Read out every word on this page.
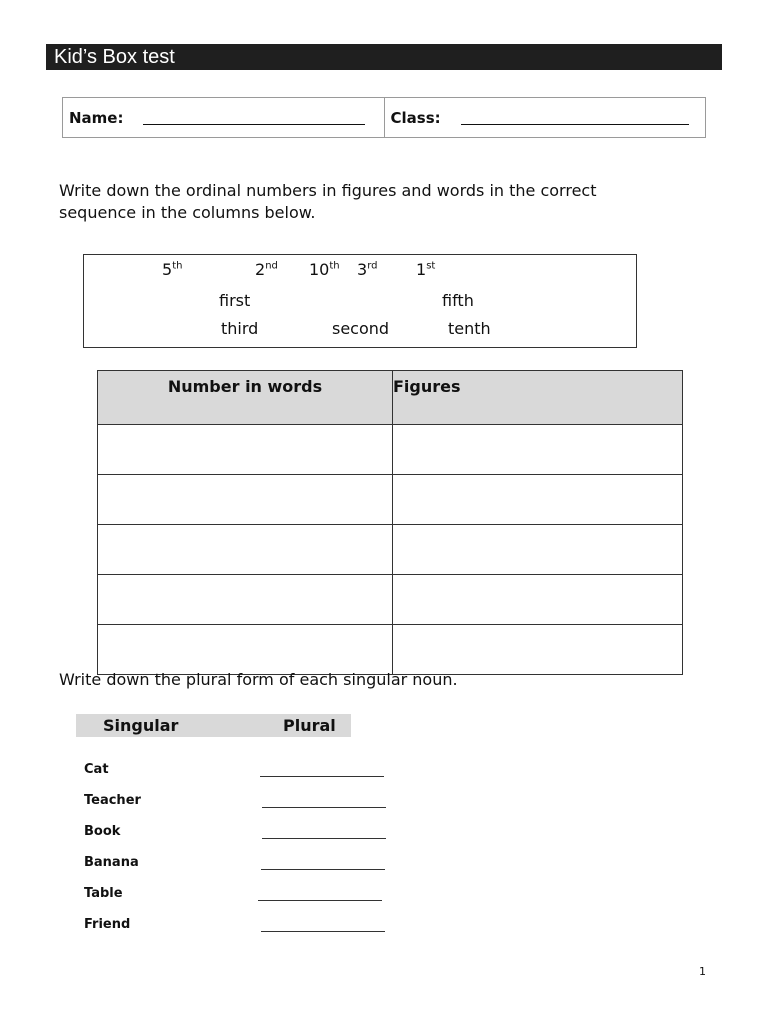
Kid’s Box test
Name:	Class:
Write down the ordinal numbers in figures and words in the correct
sequence in the columns below.
5th	2nd 10th 3rd 1st
first	fifth
third	second	tenth
Number in words	Figures

Write down the plural form of each singular noun.
Singular	Plural
Cat
Teacher
Book
Banana
Table
Friend
1
